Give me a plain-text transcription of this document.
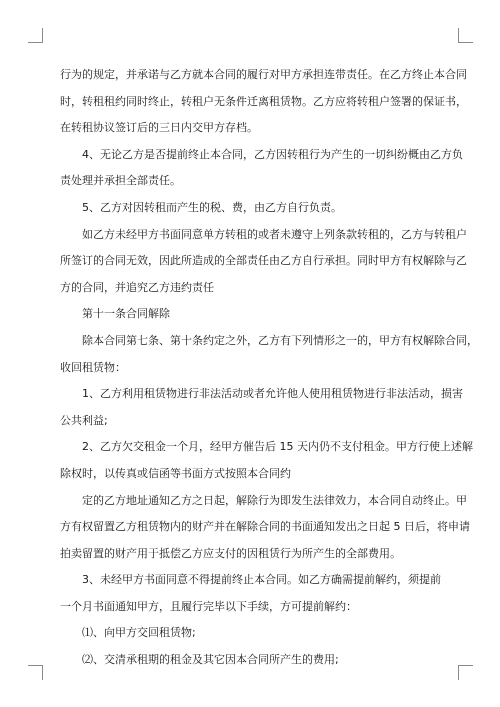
行为的规定，并承诺与乙方就本合同的履行对甲方承担连带责任。在乙方终止本合同

时，转租租约同时终止，转租户无条件迁离租赁物。乙方应将转租户签署的保证书，

在转租协议签订后的三日内交甲方存档。

4、无论乙方是否提前终止本合同，乙方因转租行为产生的一切纠纷概由乙方负

责处理并承担全部责任。

5、乙方对因转租而产生的税、费，由乙方自行负责。

如乙方未经甲方书面同意单方转租的或者未遵守上列条款转租的，乙方与转租户

所签订的合同无效，因此所造成的全部责任由乙方自行承担。同时甲方有权解除与乙

方的合同，并追究乙方违约责任

第十一条合同解除

除本合同第七条、第十条约定之外，乙方有下列情形之一的，甲方有权解除合同，

收回租赁物：

1、乙方利用租赁物进行非法活动或者允许他人使用租赁物进行非法活动，损害

公共利益;

2、乙方欠交租金一个月，经甲方催告后 15 天内仍不支付租金。甲方行使上述解

除权时，以传真或信函等书面方式按照本合同约

定的乙方地址通知乙方之日起，解除行为即发生法律效力，本合同自动终止。甲

方有权留置乙方租赁物内的财产并在解除合同的书面通知发出之日起 5 日后，将申请

拍卖留置的财产用于抵偿乙方应支付的因租赁行为所产生的全部费用。

3、未经甲方书面同意不得提前终止本合同。如乙方确需提前解约，须提前

一个月书面通知甲方，且履行完毕以下手续，方可提前解约：

⑴、向甲方交回租赁物;

⑵、交清承租期的租金及其它因本合同所产生的费用;
